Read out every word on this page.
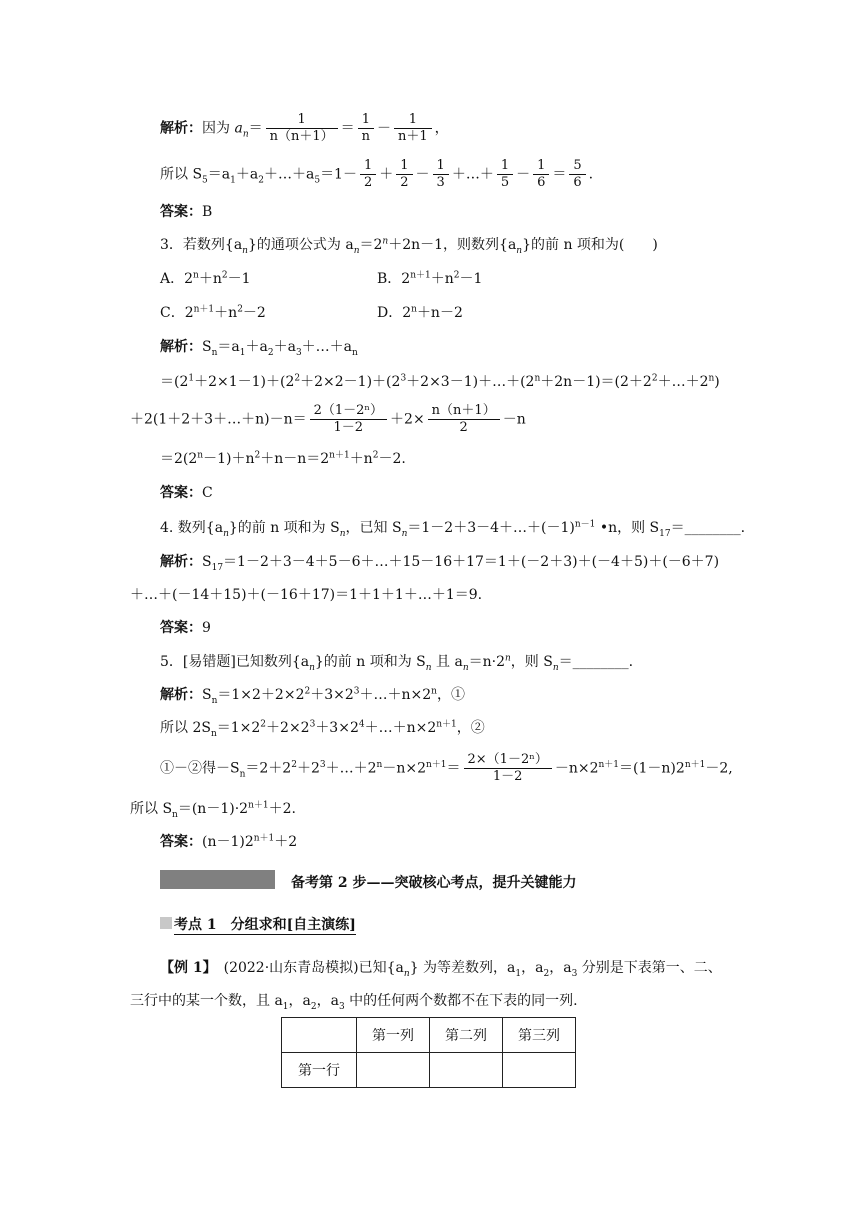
解析：因为 $a_n= \frac{1}{n(n+1)} = \frac{1}{n} - \frac{1}{n+1}$ ，
所以 $S_5=a_1+a_2+\dots+a_5=1- \frac{1}{2} + \frac{1}{2} - \frac{1}{3}$ ＋…＋ $\frac{1}{5} - \frac{1}{6} = \frac{5}{6}$ .
答案：B
3．若数列$\{a_n\}$的通项公式为 $a_n=2^n+2n-1$，则数列$\{a_n\}$的前 n 项和为(　　)
A．$2^n+n^2-1$	B．$2^{n+1}+n^2-1$
C．$2^{n+1}+n^2-2$	D．$2^n+n-2$
解析：$S_n=a_1+a_2+a_3+\dots+a_n$
$=(2^1+2\times 1-1)+(2^2+2\times 2-1)+(2^3+2\times 3-1)+\dots+(2^n+2n-1)=(2+2^2+\dots+2^n)$
＋2(1＋2＋3＋…＋n)－n＝ $\frac{\text{2（1－2ⁿ）}}{1-2} +2\times \frac{n(n+1)}{2} -n$
$=2(2^n-1)+n^2+n-n=2^{n+1}+n^2-2$.
答案：C
4. 数列$\{a_n\}$的前 n 项和为 $S_n$，已知 $S_n=1-2+3-4+\dots+(-1)^{n-1}$ •n，则 $S_{17}=\_\_\_\_\_\_\_\_$.
解析：$S_{17}=1-2+3-4+5-6+\dots+15-16+17=1+(-2+3)+(-4+5)+(-6+7)$
＋…＋(－14＋15)＋(－16＋17)＝1＋1＋1＋…＋1＝9.
答案：9
5．[易错题]已知数列$\{a_n\}$的前 n 项和为 $S_n$ 且 $a_n=n\cdot 2^n$，则 $S_n=\_\_\_\_\_\_\_\_$.
解析：$S_n=1\times 2+2\times 2^2+3\times 2^3+\dots+n\times 2^n$，①
所以 $2S_n=1\times 2^2+2\times 2^3+3\times 2^4+\dots+n\times 2^{n+1}$，②
①－②得$-S_n=2+2^2+2^3+\dots+2^n-n\times 2^{n+1}= \frac{\text{2×（1－2ⁿ）}}{1-2} -n\times 2^{n+1}=(1-n)2^{n+1}-2$,
所以 $S_n=(n-1)\cdot 2^{n+1}+2$.
答案：$(n-1)2^{n+1}+2$
备考第 2 步——突破核心考点，提升关键能力
考点 1　分组求和[自主演练]
【例 1】　(2022·山东青岛模拟)已知$\{a_n\}$ 为等差数列，$a_1$，$a_2$，$a_3$ 分别是下表第一、二、
三行中的某一个数，且 $a_1$，$a_2$，$a_3$ 中的任何两个数都不在下表的同一列.
	第一列	第二列	第三列
第一行			
